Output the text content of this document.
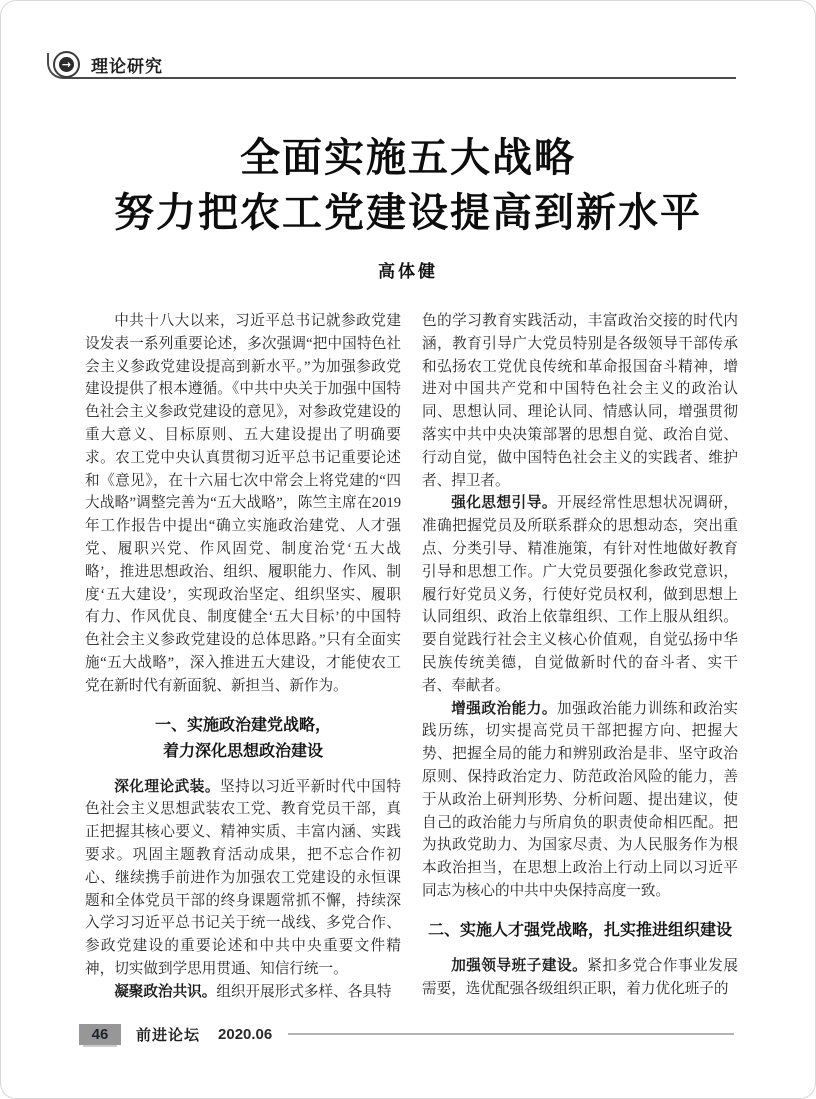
→
理论研究
全面实施五大战略
努力把农工党建设提高到新水平
高体健

中共十八大以来，习近平总书记就参政党建设发表一系列重要论述，多次强调“把中国特色社会主义参政党建设提高到新水平。”为加强参政党建设提供了根本遵循。《中共中央关于加强中国特色社会主义参政党建设的意见》，对参政党建设的重大意义、目标原则、五大建设提出了明确要求。农工党中央认真贯彻习近平总书记重要论述和《意见》，在十六届七次中常会上将党建的“四大战略”调整完善为“五大战略”，陈竺主席在2019年工作报告中提出“确立实施政治建党、人才强党、履职兴党、作风固党、制度治党‘五大战略’，推进思想政治、组织、履职能力、作风、制度‘五大建设’，实现政治坚定、组织坚实、履职有力、作风优良、制度健全‘五大目标’的中国特色社会主义参政党建设的总体思路。”只有全面实施“五大战略”，深入推进五大建设，才能使农工党在新时代有新面貌、新担当、新作为。

一、实施政治建党战略，
着力深化思想政治建设

深化理论武装。坚持以习近平新时代中国特色社会主义思想武装农工党、教育党员干部，真正把握其核心要义、精神实质、丰富内涵、实践要求。巩固主题教育活动成果，把不忘合作初心、继续携手前进作为加强农工党建设的永恒课题和全体党员干部的终身课题常抓不懈，持续深入学习习近平总书记关于统一战线、多党合作、参政党建设的重要论述和中共中央重要文件精神，切实做到学思用贯通、知信行统一。

凝聚政治共识。组织开展形式多样、各具特

色的学习教育实践活动，丰富政治交接的时代内涵，教育引导广大党员特别是各级领导干部传承和弘扬农工党优良传统和革命报国奋斗精神，增进对中国共产党和中国特色社会主义的政治认同、思想认同、理论认同、情感认同，增强贯彻落实中共中央决策部署的思想自觉、政治自觉、行动自觉，做中国特色社会主义的实践者、维护者、捍卫者。

强化思想引导。开展经常性思想状况调研，准确把握党员及所联系群众的思想动态，突出重点、分类引导、精准施策，有针对性地做好教育引导和思想工作。广大党员要强化参政党意识，履行好党员义务，行使好党员权利，做到思想上认同组织、政治上依靠组织、工作上服从组织。要自觉践行社会主义核心价值观，自觉弘扬中华民族传统美德，自觉做新时代的奋斗者、实干者、奉献者。

增强政治能力。加强政治能力训练和政治实践历练，切实提高党员干部把握方向、把握大势、把握全局的能力和辨别政治是非、坚守政治原则、保持政治定力、防范政治风险的能力，善于从政治上研判形势、分析问题、提出建议，使自己的政治能力与所肩负的职责使命相匹配。把为执政党助力、为国家尽责、为人民服务作为根本政治担当，在思想上政治上行动上同以习近平同志为核心的中共中央保持高度一致。

二、实施人才强党战略，扎实推进组织建设

加强领导班子建设。紧扣多党合作事业发展需要，选优配强各级组织正职，着力优化班子的

46	前进论坛 2020.06
